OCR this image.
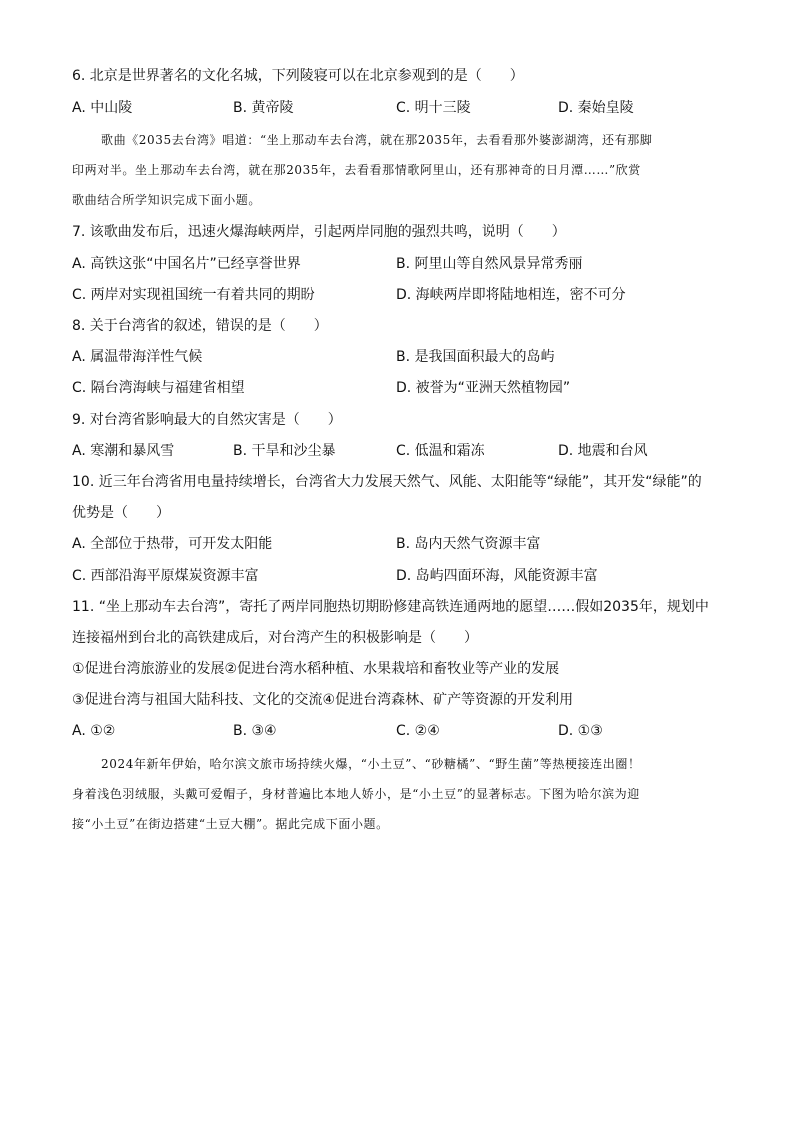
6. 北京是世界著名的文化名城，下列陵寝可以在北京参观到的是（　　）
A. 中山陵	B. 黄帝陵	C. 明十三陵	D. 秦始皇陵
歌曲《2035去台湾》唱道：“坐上那动车去台湾，就在那2035年，去看看那外婆澎湖湾，还有那脚
印两对半。坐上那动车去台湾，就在那2035年，去看看那情歌阿里山，还有那神奇的日月潭……”欣赏
歌曲结合所学知识完成下面小题。
7. 该歌曲发布后，迅速火爆海峡两岸，引起两岸同胞的强烈共鸣，说明（　　）
A. 高铁这张“中国名片”已经享誉世界	B. 阿里山等自然风景异常秀丽
C. 两岸对实现祖国统一有着共同的期盼	D. 海峡两岸即将陆地相连，密不可分
8. 关于台湾省的叙述，错误的是（　　）
A. 属温带海洋性气候	B. 是我国面积最大的岛屿
C. 隔台湾海峡与福建省相望	D. 被誉为“亚洲天然植物园”
9. 对台湾省影响最大的自然灾害是（　　）
A. 寒潮和暴风雪	B. 干旱和沙尘暴	C. 低温和霜冻	D. 地震和台风
10. 近三年台湾省用电量持续增长，台湾省大力发展天然气、风能、太阳能等“绿能”，其开发“绿能”的
优势是（　　）
A. 全部位于热带，可开发太阳能	B. 岛内天然气资源丰富
C. 西部沿海平原煤炭资源丰富	D. 岛屿四面环海，风能资源丰富
11. “坐上那动车去台湾”，寄托了两岸同胞热切期盼修建高铁连通两地的愿望……假如2035年，规划中
连接福州到台北的高铁建成后，对台湾产生的积极影响是（　　）
①促进台湾旅游业的发展②促进台湾水稻种植、水果栽培和畜牧业等产业的发展
③促进台湾与祖国大陆科技、文化的交流④促进台湾森林、矿产等资源的开发利用
A. ①②	B. ③④	C. ②④	D. ①③
2024年新年伊始，哈尔滨文旅市场持续火爆，“小土豆”、“砂糖橘”、“野生菌”等热梗接连出圈！
身着浅色羽绒服，头戴可爱帽子，身材普遍比本地人娇小，是“小土豆”的显著标志。下图为哈尔滨为迎
接“小土豆”在街边搭建“土豆大棚”。据此完成下面小题。
